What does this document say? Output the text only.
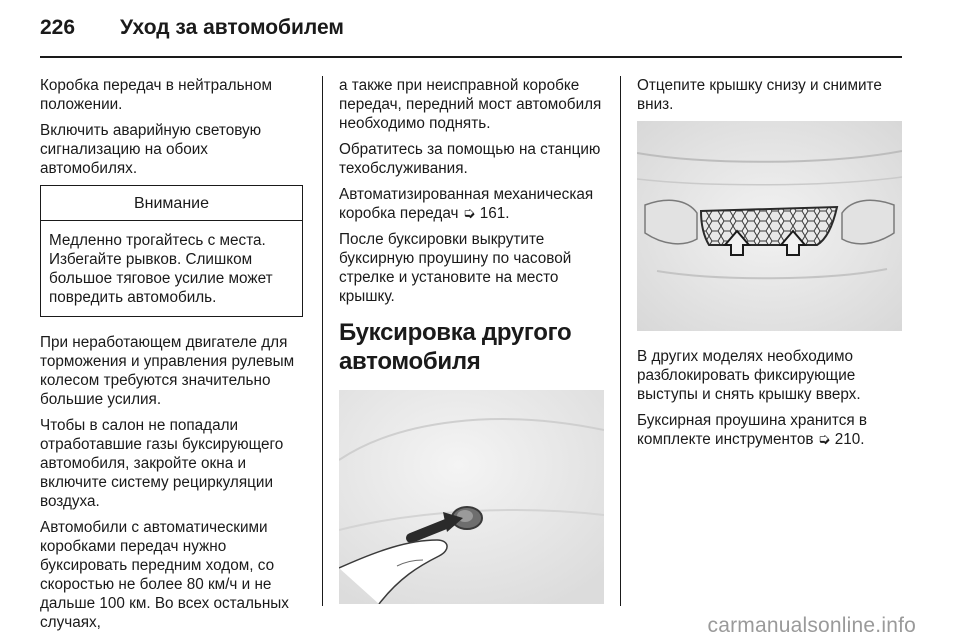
226 Уход за автомобилем

Коробка передач в нейтральном положении.

Включить аварийную световую сигнализацию на обоих автомобилях.

Внимание
Медленно трогайтесь с места. Избегайте рывков. Слишком большое тяговое усилие может повредить автомобиль.

При неработающем двигателе для торможения и управления рулевым колесом требуются значительно большие усилия.

Чтобы в салон не попадали отработавшие газы буксирующего автомобиля, закройте окна и включите систему рециркуляции воздуха.

Автомобили с автоматическими коробками передач нужно буксировать передним ходом, со скоростью не более 80 км/ч и не дальше 100 км. Во всех остальных случаях,

а также при неисправной коробке передач, передний мост автомобиля необходимо поднять.

Обратитесь за помощью на станцию техобслуживания.

Автоматизированная механическая коробка передач ➭ 161.

После буксировки выкрутите буксирную проушину по часовой стрелке и установите на место крышку.

Буксировка другого автомобиля

Отцепите крышку снизу и снимите вниз.

В других моделях необходимо разблокировать фиксирующие выступы и снять крышку вверх.

Буксирная проушина хранится в комплекте инструментов ➭ 210.

carmanualsonline.info
